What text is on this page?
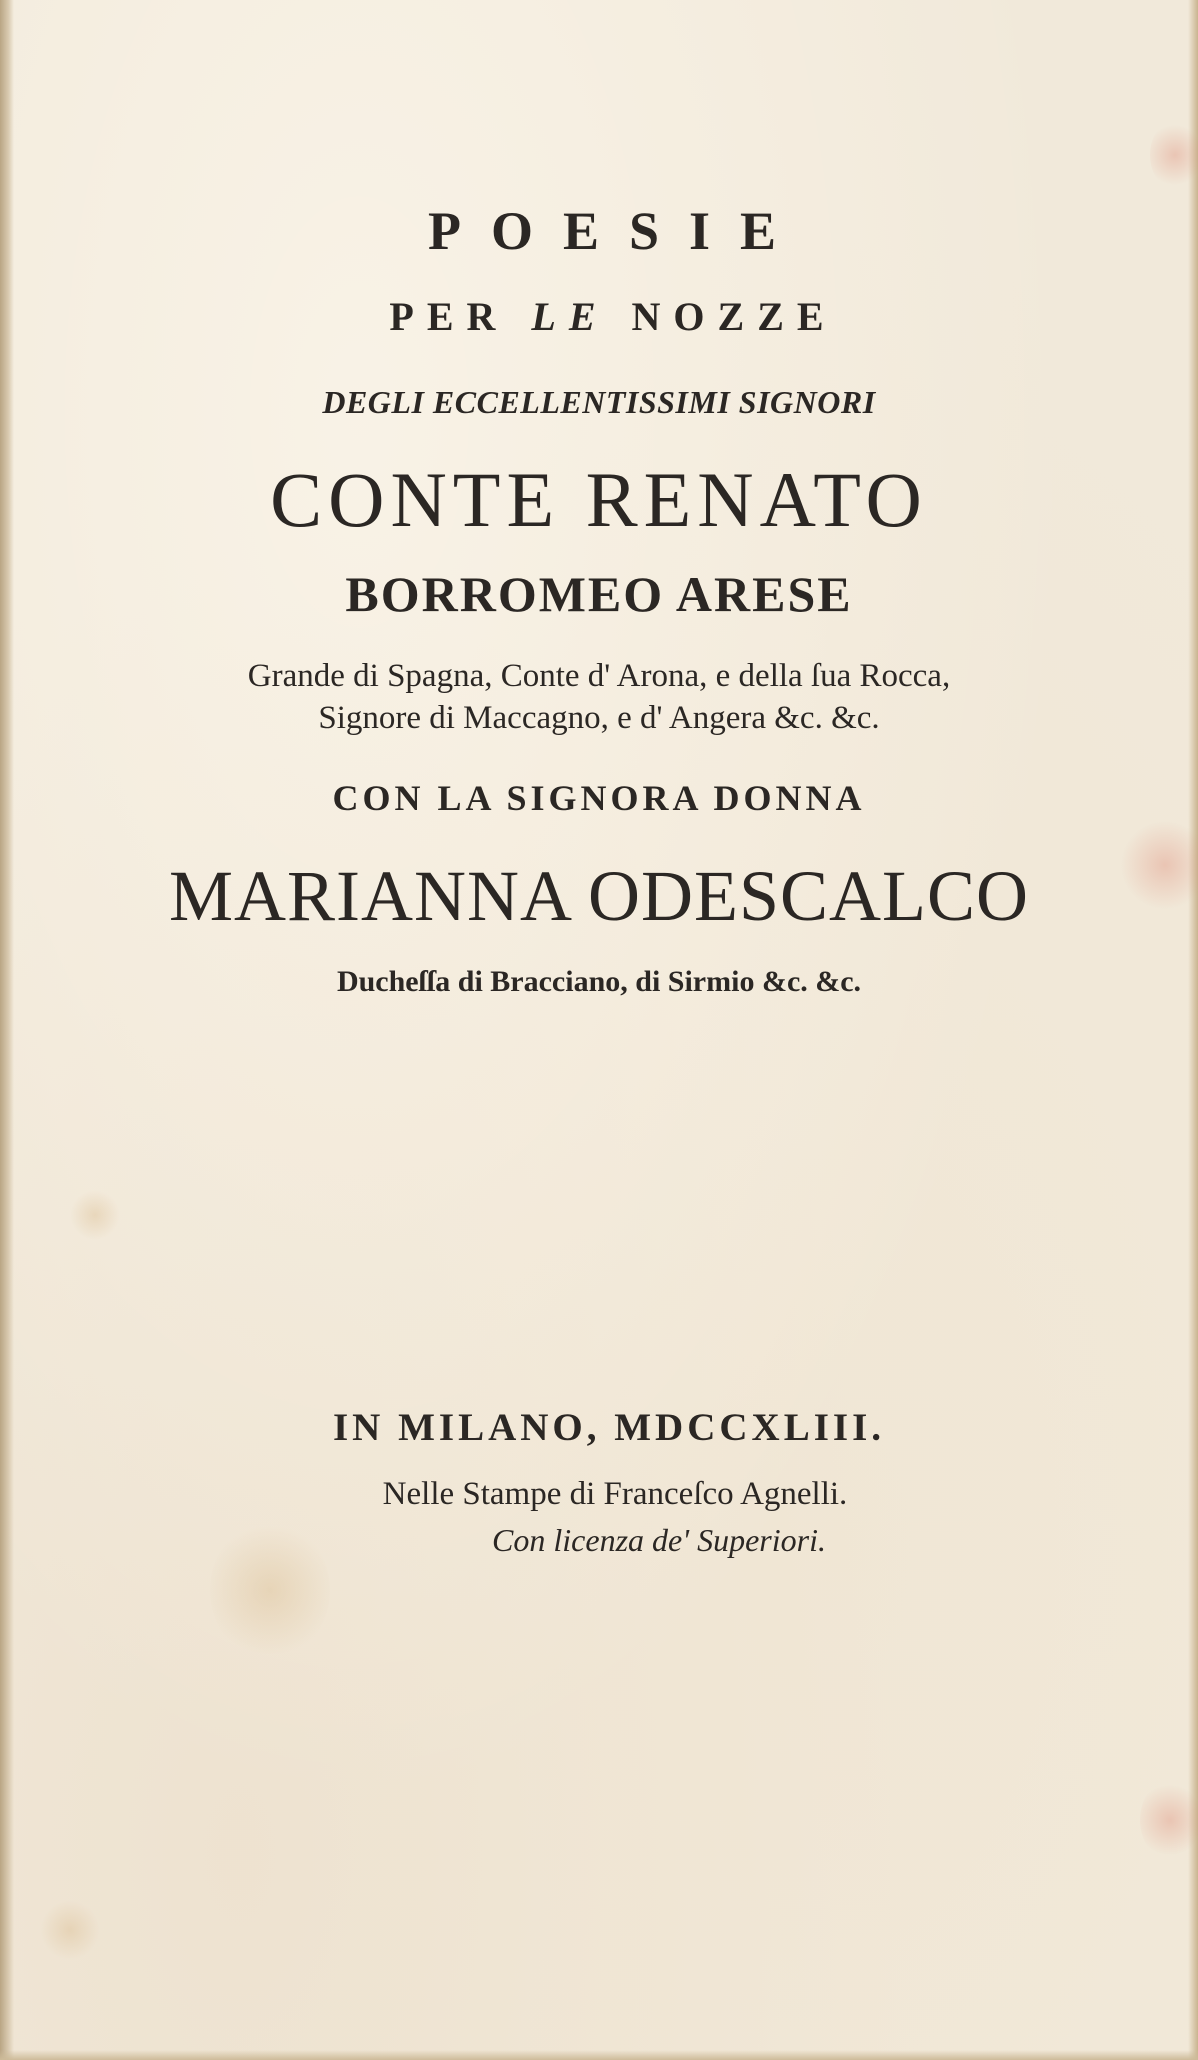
POESIE
PER LE NOZZE
DEGLI ECCELLENTISSIMI SIGNORI
CONTE RENATO
BORROMEO ARESE
Grande di Spagna, Conte d' Arona, e della ſua Rocca,
Signore di Maccagno, e d' Angera &c. &c.
CON LA SIGNORA DONNA
MARIANNA ODESCALCO
Ducheſſa di Bracciano, di Sirmio &c. &c.
IN MILANO, MDCCXLIII.
Nelle Stampe di Franceſco Agnelli.
Con licenza de' Superiori.
